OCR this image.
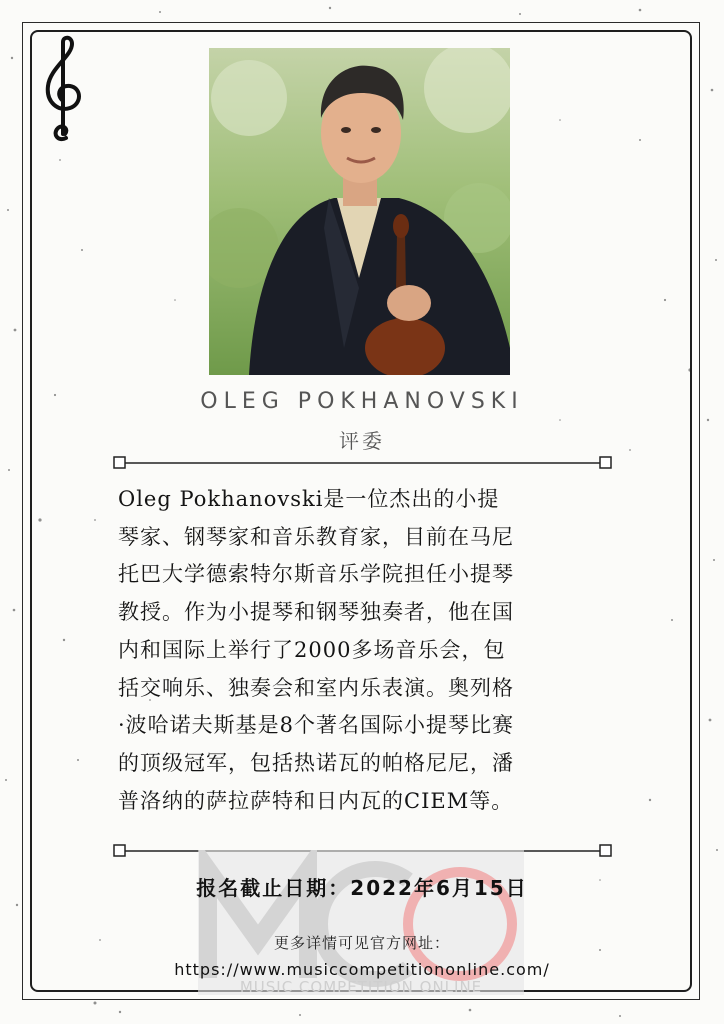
OLEG POKHANOVSKI
评委
Oleg Pokhanovski是一位杰出的小提
琴家、钢琴家和音乐教育家，目前在马尼
托巴大学德索特尔斯音乐学院担任小提琴
教授。作为小提琴和钢琴独奏者，他在国
内和国际上举行了2000多场音乐会，包
括交响乐、独奏会和室内乐表演。奥列格
·波哈诺夫斯基是8个著名国际小提琴比赛
的顶级冠军，包括热诺瓦的帕格尼尼，潘
普洛纳的萨拉萨特和日内瓦的CIEM等。
MUSIC COMPETITION ONLINE
报名截止日期：2022年6月15日
更多详情可见官方网址：
https://www.musiccompetitiononline.com/
